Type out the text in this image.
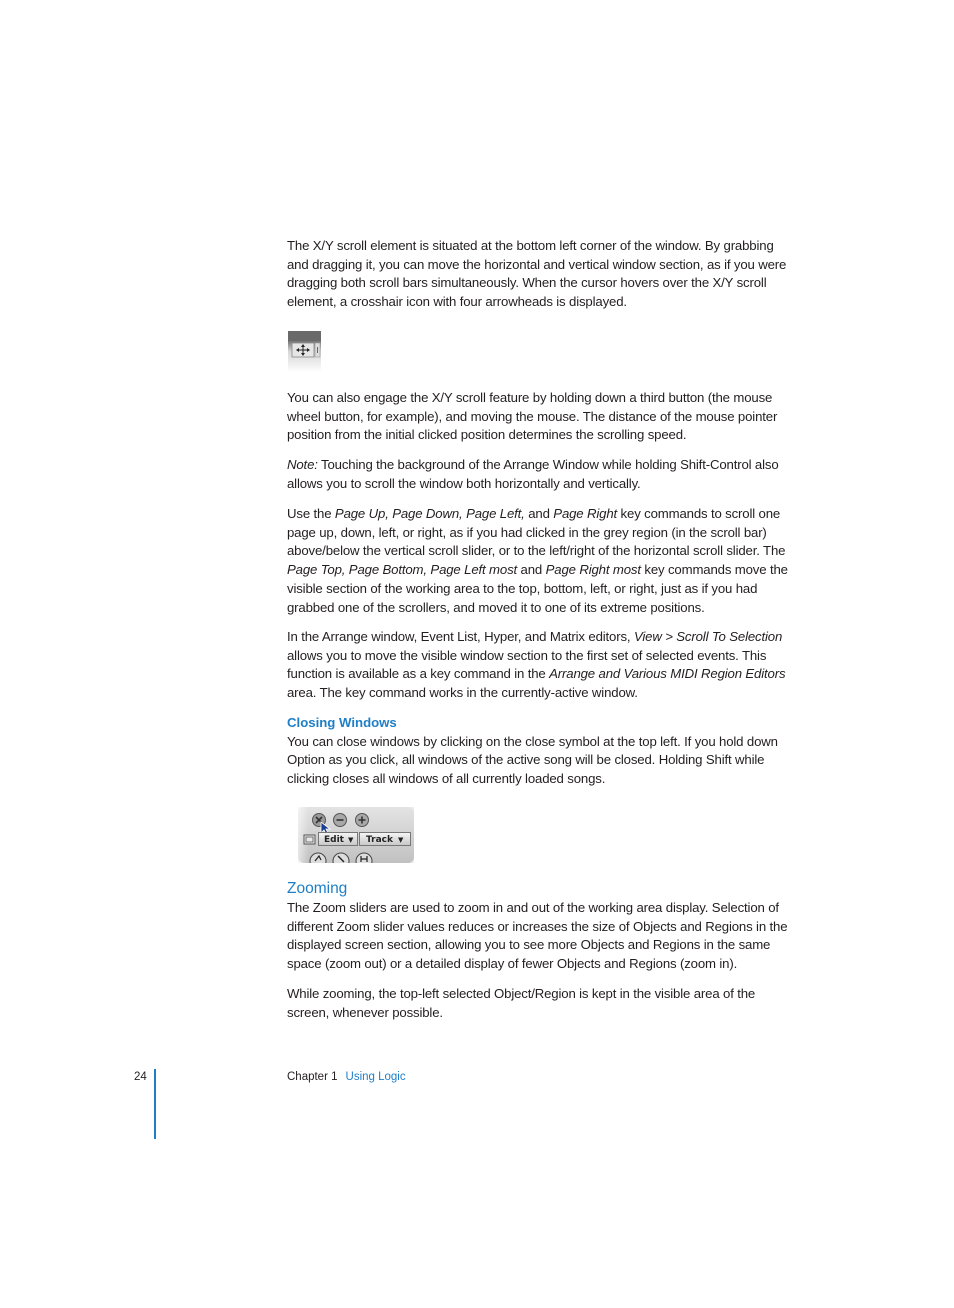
The X/Y scroll element is situated at the bottom left corner of the window. By grabbing and dragging it, you can move the horizontal and vertical window section, as if you were dragging both scroll bars simultaneously. When the cursor hovers over the X/Y scroll element, a crosshair icon with four arrowheads is displayed.

You can also engage the X/Y scroll feature by holding down a third button (the mouse wheel button, for example), and moving the mouse. The distance of the mouse pointer position from the initial clicked position determines the scrolling speed.

Note: Touching the background of the Arrange Window while holding Shift-Control also allows you to scroll the window both horizontally and vertically.

Use the Page Up, Page Down, Page Left, and Page Right key commands to scroll one page up, down, left, or right, as if you had clicked in the grey region (in the scroll bar) above/below the vertical scroll slider, or to the left/right of the horizontal scroll slider. The Page Top, Page Bottom, Page Left most and Page Right most key commands move the visible section of the working area to the top, bottom, left, or right, just as if you had grabbed one of the scrollers, and moved it to one of its extreme positions.

In the Arrange window, Event List, Hyper, and Matrix editors, View > Scroll To Selection allows you to move the visible window section to the first set of selected events. This function is available as a key command in the Arrange and Various MIDI Region Editors area. The key command works in the currently-active window.

Closing Windows

You can close windows by clicking on the close symbol at the top left. If you hold down Option as you click, all windows of the active song will be closed. Holding Shift while clicking closes all windows of all currently loaded songs.

Edit ▼	Track ▼
Zooming

The Zoom sliders are used to zoom in and out of the working area display. Selection of different Zoom slider values reduces or increases the size of Objects and Regions in the displayed screen section, allowing you to see more Objects and Regions in the same space (zoom out) or a detailed display of fewer Objects and Regions (zoom in).

While zooming, the top-left selected Object/Region is kept in the visible area of the screen, whenever possible.

24	Chapter 1 Using Logic
